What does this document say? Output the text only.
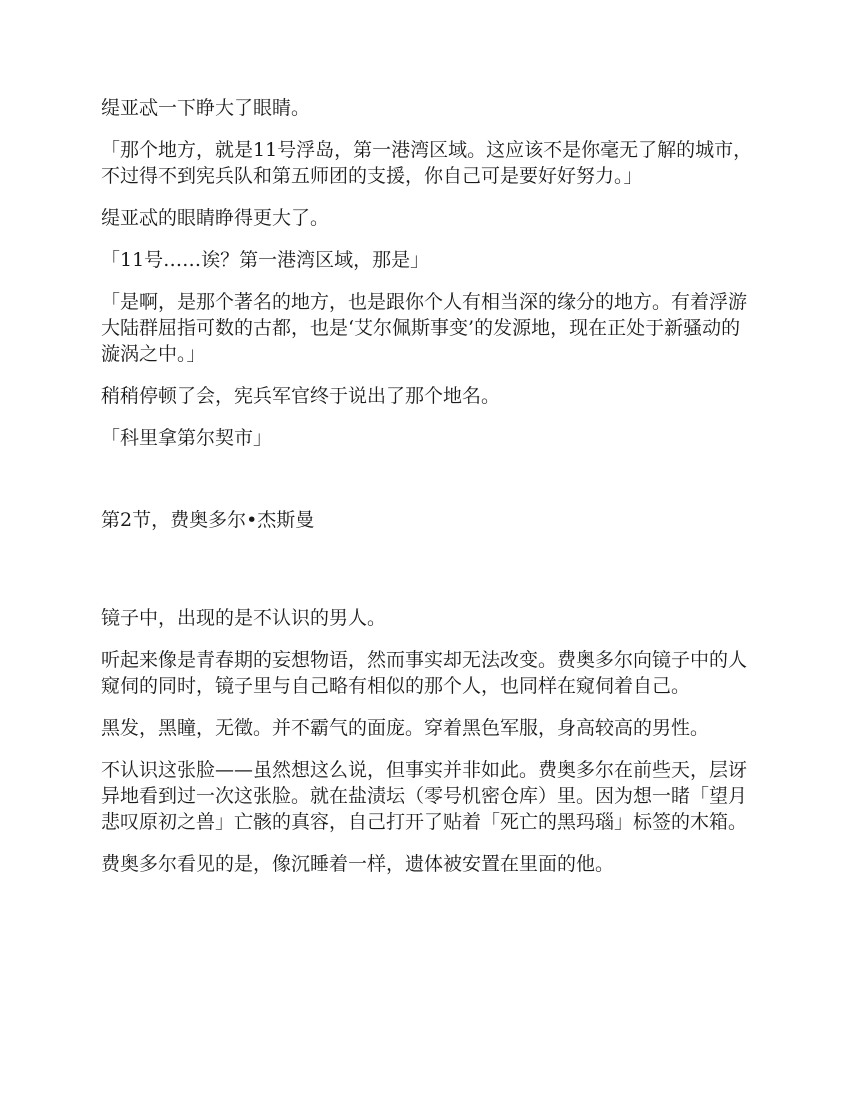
缇亚忒一下睁大了眼睛。

「那个地方，就是11号浮岛，第一港湾区域。这应该不是你毫无了解的城市，不过得不到宪兵队和第五师团的支援，你自己可是要好好努力。」

缇亚忒的眼睛睁得更大了。

「11号……诶？第一港湾区域，那是」

「是啊，是那个著名的地方，也是跟你个人有相当深的缘分的地方。有着浮游大陆群屈指可数的古都，也是‘艾尔佩斯事变’的发源地，现在正处于新骚动的漩涡之中。」

稍稍停顿了会，宪兵军官终于说出了那个地名。

「科里拿第尔契市」

第2节，费奥多尔•杰斯曼

镜子中，出现的是不认识的男人。

听起来像是青春期的妄想物语，然而事实却无法改变。费奥多尔向镜子中的人窥伺的同时，镜子里与自己略有相似的那个人，也同样在窥伺着自己。

黑发，黑瞳，无徵。并不霸气的面庞。穿着黑色军服，身高较高的男性。

不认识这张脸——虽然想这么说，但事实并非如此。费奥多尔在前些天，层讶异地看到过一次这张脸。就在盐渍坛（零号机密仓库）里。因为想一睹「望月悲叹原初之兽」亡骸的真容，自己打开了贴着「死亡的黑玛瑙」标签的木箱。

费奥多尔看见的是，像沉睡着一样，遗体被安置在里面的他。
